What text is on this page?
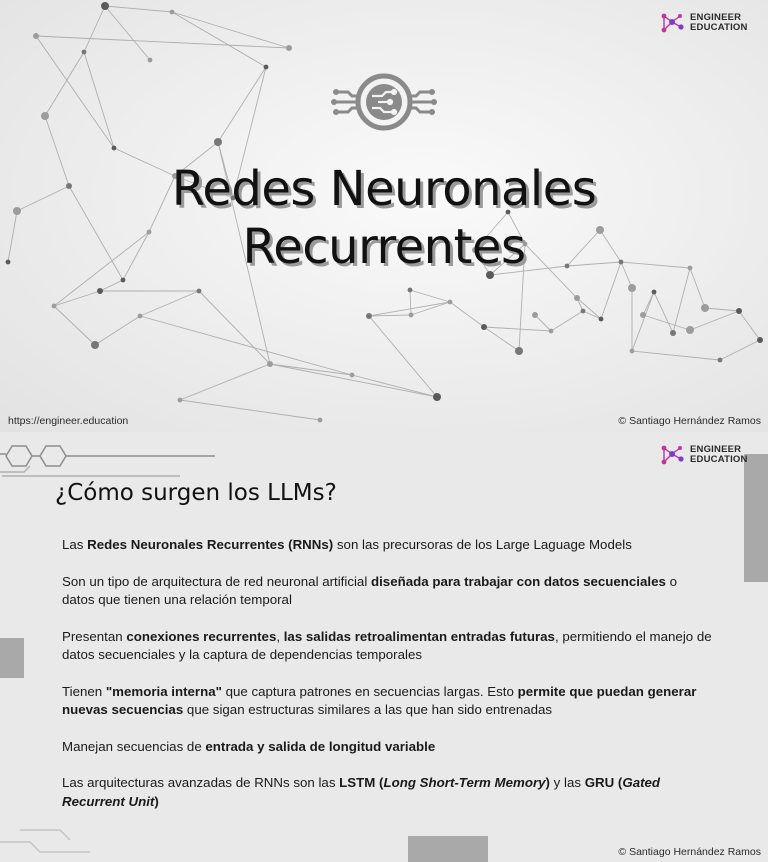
ENGINEER
EDUCATION
Redes Neuronales
Recurrentes
https://engineer.education	© Santiago Hernández Ramos
ENGINEER
EDUCATION
¿Cómo surgen los LLMs?
Las Redes Neuronales Recurrentes (RNNs) son las precursoras de los Large Laguage Models
Son un tipo de arquitectura de red neuronal artificial diseñada para trabajar con datos secuenciales o datos que tienen una relación temporal
Presentan conexiones recurrentes, las salidas retroalimentan entradas futuras, permitiendo el manejo de datos secuenciales y la captura de dependencias temporales
Tienen "memoria interna" que captura patrones en secuencias largas. Esto permite que puedan generar nuevas secuencias que sigan estructuras similares a las que han sido entrenadas
Manejan secuencias de entrada y salida de longitud variable
Las arquitecturas avanzadas de RNNs son las LSTM (Long Short-Term Memory) y las GRU (Gated Recurrent Unit)
© Santiago Hernández Ramos
